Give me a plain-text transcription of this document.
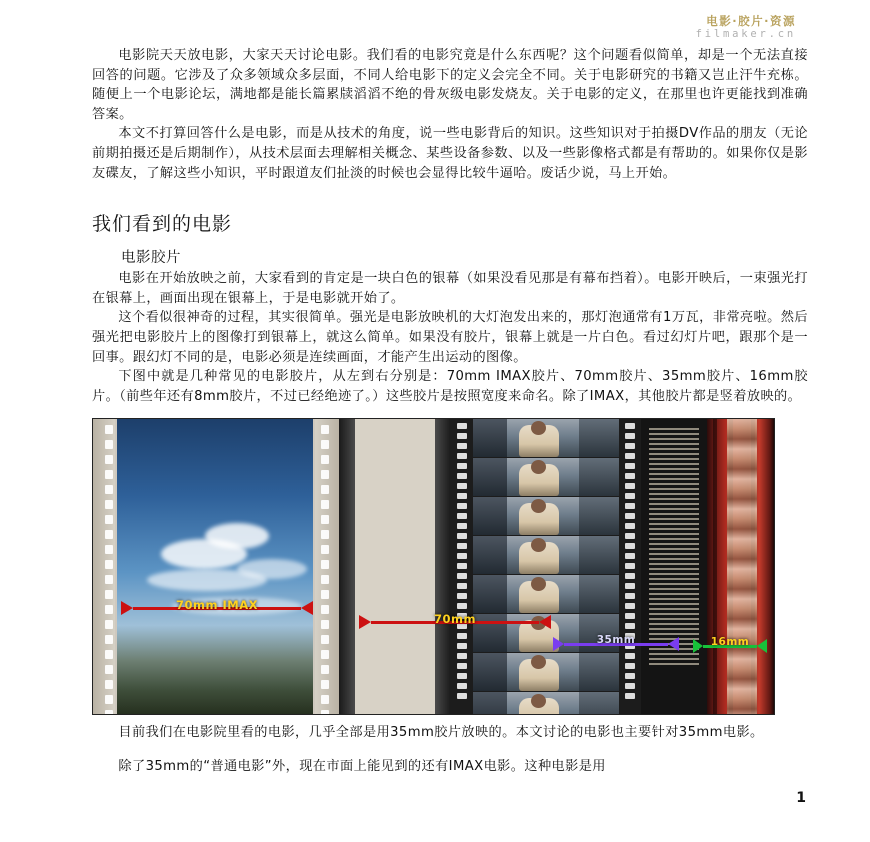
电影·胶片·资源
filmaker.cn

电影院天天放电影，大家天天讨论电影。我们看的电影究竟是什么东西呢？这个问题看似简单，却是一个无法直接回答的问题。它涉及了众多领域众多层面，不同人给电影下的定义会完全不同。关于电影研究的书籍又岂止汗牛充栋。随便上一个电影论坛，满地都是能长篇累牍滔滔不绝的骨灰级电影发烧友。关于电影的定义，在那里也许更能找到准确答案。

本文不打算回答什么是电影，而是从技术的角度，说一些电影背后的知识。这些知识对于拍摄DV作品的朋友（无论前期拍摄还是后期制作），从技术层面去理解相关概念、某些设备参数、以及一些影像格式都是有帮助的。如果你仅是影友碟友，了解这些小知识，平时跟道友们扯淡的时候也会显得比较牛逼哈。废话少说，马上开始。

我们看到的电影
电影胶片

电影在开始放映之前，大家看到的肯定是一块白色的银幕（如果没看见那是有幕布挡着）。电影开映后，一束强光打在银幕上，画面出现在银幕上，于是电影就开始了。

这个看似很神奇的过程，其实很简单。强光是电影放映机的大灯泡发出来的，那灯泡通常有1万瓦，非常亮啦。然后强光把电影胶片上的图像打到银幕上，就这么简单。如果没有胶片，银幕上就是一片白色。看过幻灯片吧，跟那个是一回事。跟幻灯不同的是，电影必须是连续画面，才能产生出运动的图像。

下图中就是几种常见的电影胶片，从左到右分别是：70mm IMAX胶片、70mm胶片、35mm胶片、16mm胶片。（前些年还有8mm胶片，不过已经绝迹了。）这些胶片是按照宽度来命名。除了IMAX，其他胶片都是竖着放映的。

70mm IMAX
70mm
35mm	16mm

目前我们在电影院里看的电影，几乎全部是用35mm胶片放映的。本文讨论的电影也主要针对35mm电影。

除了35mm的“普通电影”外，现在市面上能见到的还有IMAX电影。这种电影是用

1
